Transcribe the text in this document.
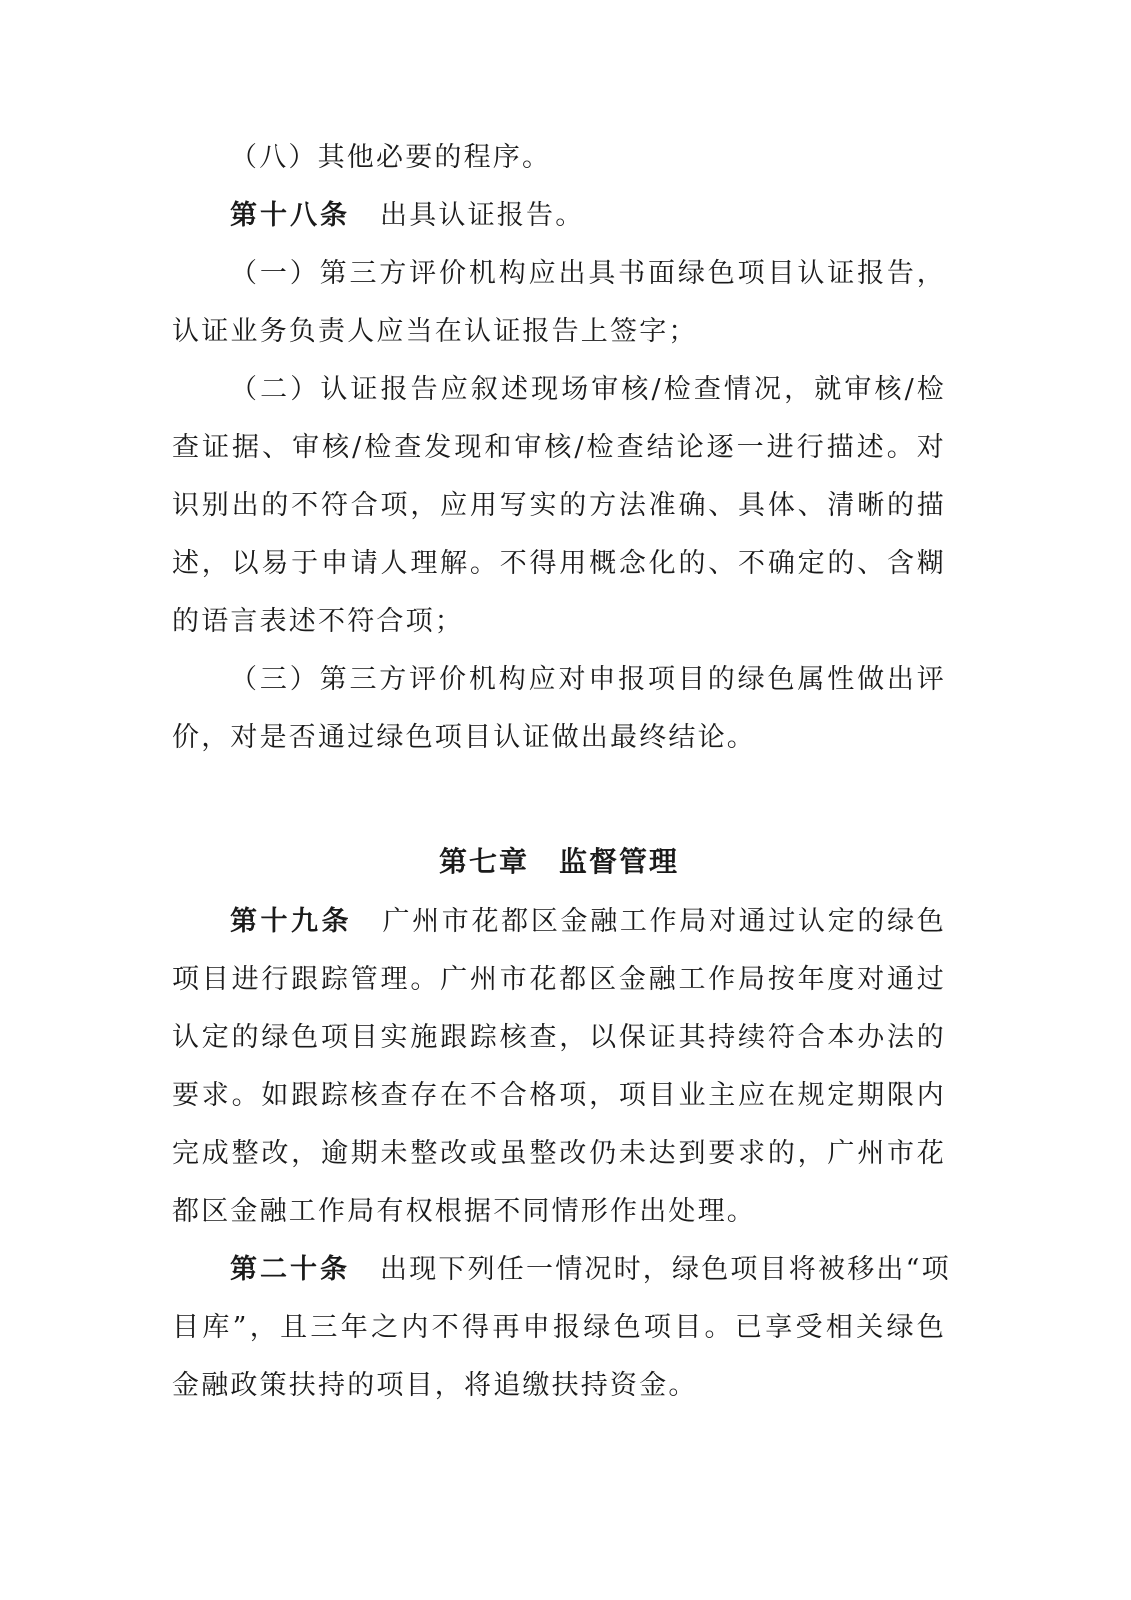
（八）其他必要的程序。
第十八条 出具认证报告。
（一）第三方评价机构应出具书面绿色项目认证报告，
认证业务负责人应当在认证报告上签字；
（二）认证报告应叙述现场审核/检查情况，就审核/检
查证据、审核/检查发现和审核/检查结论逐一进行描述。对
识别出的不符合项，应用写实的方法准确、具体、清晰的描
述，以易于申请人理解。不得用概念化的、不确定的、含糊
的语言表述不符合项；
（三）第三方评价机构应对申报项目的绿色属性做出评
价，对是否通过绿色项目认证做出最终结论。
第七章 监督管理
第十九条 广州市花都区金融工作局对通过认定的绿色
项目进行跟踪管理。广州市花都区金融工作局按年度对通过
认定的绿色项目实施跟踪核查，以保证其持续符合本办法的
要求。如跟踪核查存在不合格项，项目业主应在规定期限内
完成整改，逾期未整改或虽整改仍未达到要求的，广州市花
都区金融工作局有权根据不同情形作出处理。
第二十条 出现下列任一情况时，绿色项目将被移出“项
目库”，且三年之内不得再申报绿色项目。已享受相关绿色
金融政策扶持的项目，将追缴扶持资金。
